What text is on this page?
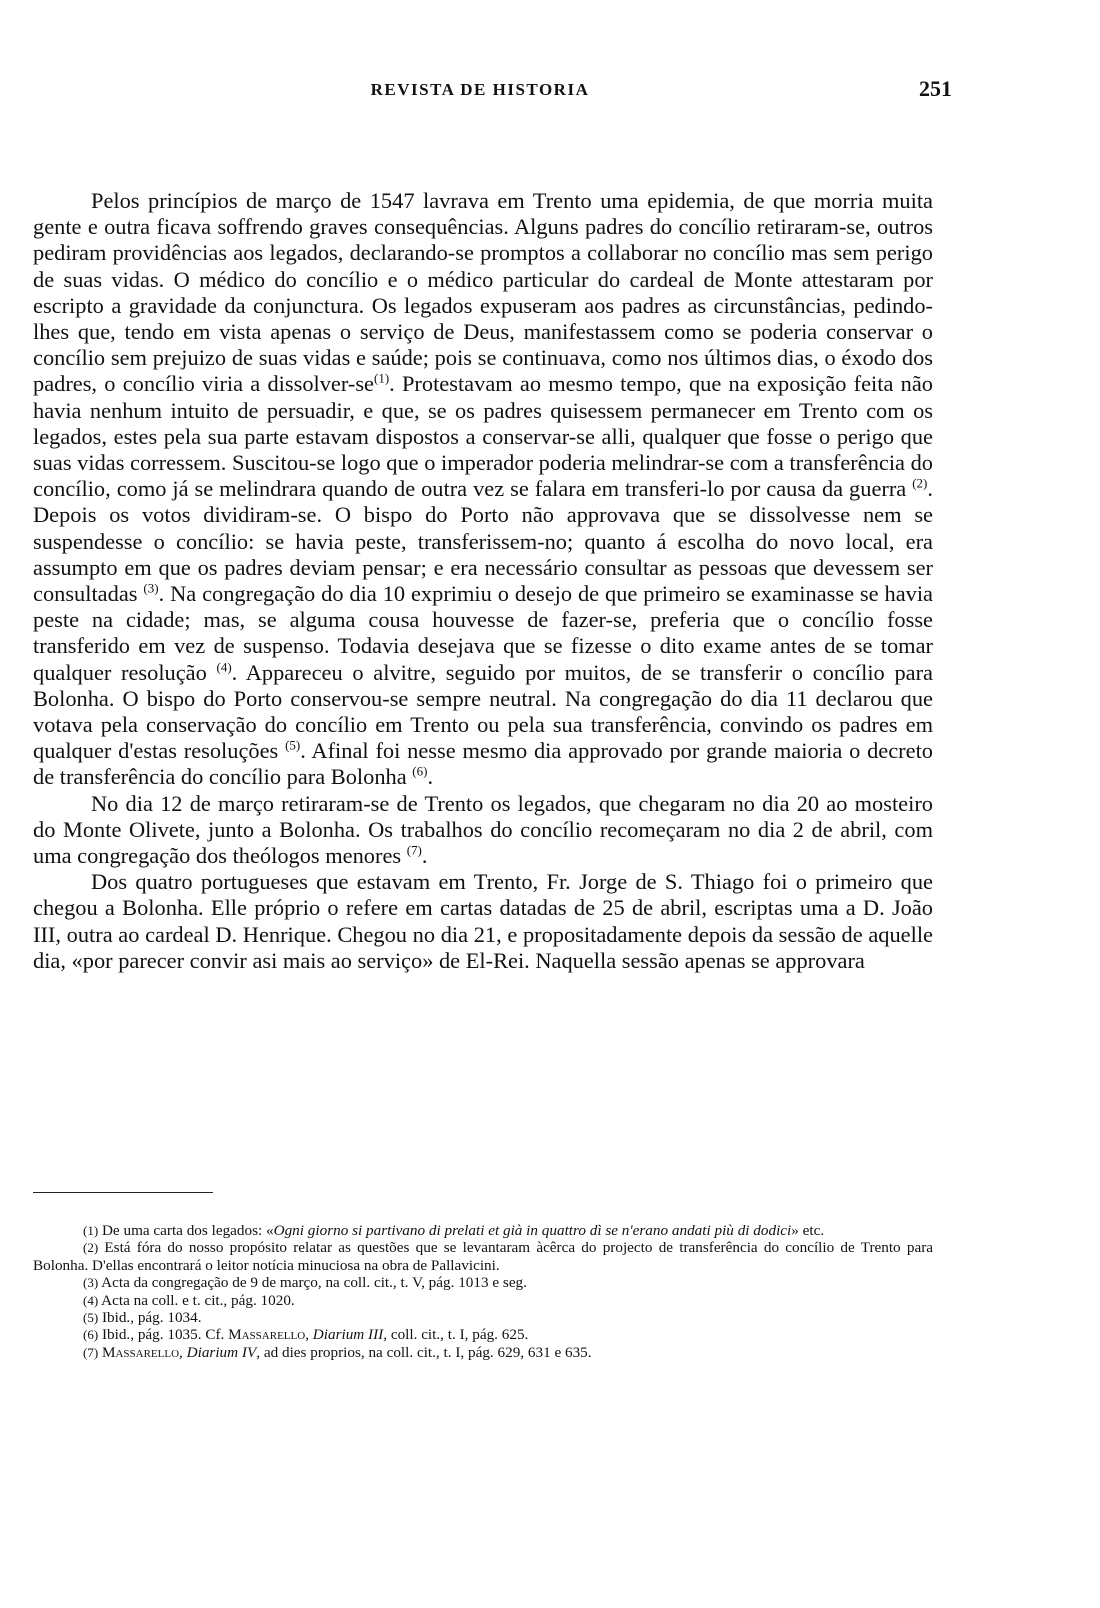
REVISTA DE HISTORIA	251

Pelos princípios de março de 1547 lavrava em Trento uma epidemia, de que morria muita gente e outra ficava soffrendo graves consequências. Alguns padres do concílio retiraram-se, outros pediram providências aos legados, declarando-se promptos a collaborar no concílio mas sem perigo de suas vidas. O médico do concílio e o médico particular do cardeal de Monte attestaram por escripto a gravidade da conjunctura. Os legados expuseram aos padres as circunstâncias, pedindo-lhes que, tendo em vista apenas o serviço de Deus, manifestassem como se poderia conservar o concílio sem prejuizo de suas vidas e saúde; pois se continuava, como nos últimos dias, o éxodo dos padres, o concílio viria a dissolver-$se^{(1)}$. Protestavam ao mesmo tempo, que na exposição feita não havia nenhum intuito de persuadir, e que, se os padres quisessem permanecer em Trento com os legados, estes pela sua parte estavam dispostos a conservar-se alli, qualquer que fosse o perigo que suas vidas corressem. Suscitou-se logo que o imperador poderia melindrar-se com a transferência do concílio, como já se melindrara quando de outra vez se falara em transferi-lo por causa da guerra $^{(2)}$. Depois os votos dividiram-se. O bispo do Porto não approvava que se dissolvesse nem se suspendesse o concílio: se havia peste, transferissem-no; quanto á escolha do novo local, era assumpto em que os padres deviam pensar; e era necessário consultar as pessoas que devessem ser consultadas $^{(3)}$. Na congregação do dia 10 exprimiu o desejo de que primeiro se examinasse se havia peste na cidade; mas, se alguma cousa houvesse de fazer-se, preferia que o concílio fosse transferido em vez de suspenso. Todavia desejava que se fizesse o dito exame antes de se tomar qualquer resolução $^{(4)}$. Appareceu o alvitre, seguido por muitos, de se transferir o concílio para Bolonha. O bispo do Porto conservou-se sempre neutral. Na congregação do dia 11 declarou que votava pela conservação do concílio em Trento ou pela sua transferência, convindo os padres em qualquer d'estas resoluções $^{(5)}$. Afinal foi nesse mesmo dia approvado por grande maioria o decreto de transferência do concílio para Bolonha $^{(6)}$.

No dia 12 de março retiraram-se de Trento os legados, que chegaram no dia 20 ao mosteiro do Monte Olivete, junto a Bolonha. Os trabalhos do concílio recomeçaram no dia 2 de abril, com uma congregação dos theólogos menores $^{(7)}$.

Dos quatro portugueses que estavam em Trento, Fr. Jorge de S. Thiago foi o primeiro que chegou a Bolonha. Elle próprio o refere em cartas datadas de 25 de abril, escriptas uma a D. João III, outra ao cardeal D. Henrique. Chegou no dia 21, e propositadamente depois da sessão de aquelle dia, «por parecer convir asi mais ao serviço» de El-Rei. Naquella sessão apenas se approvara

(1) De uma carta dos legados: «Ogni giorno si partivano di prelati et già in quattro dì se n'erano andati più di dodici» etc.

(2) Está fóra do nosso propósito relatar as questões que se levantaram àcêrca do projecto de transferência do concílio de Trento para Bolonha. D'ellas encontrará o leitor notícia minuciosa na obra de Pallavicini.

(3) Acta da congregação de 9 de março, na coll. cit., t. V, pág. 1013 e seg.

(4) Acta na coll. e t. cit., pág. 1020.

(5) Ibid., pág. 1034.

(6) Ibid., pág. 1035. Cf. Massarello, Diarium III, coll. cit., t. I, pág. 625.

(7) Massarello, Diarium IV, ad dies proprios, na coll. cit., t. I, pág. 629, 631 e 635.
